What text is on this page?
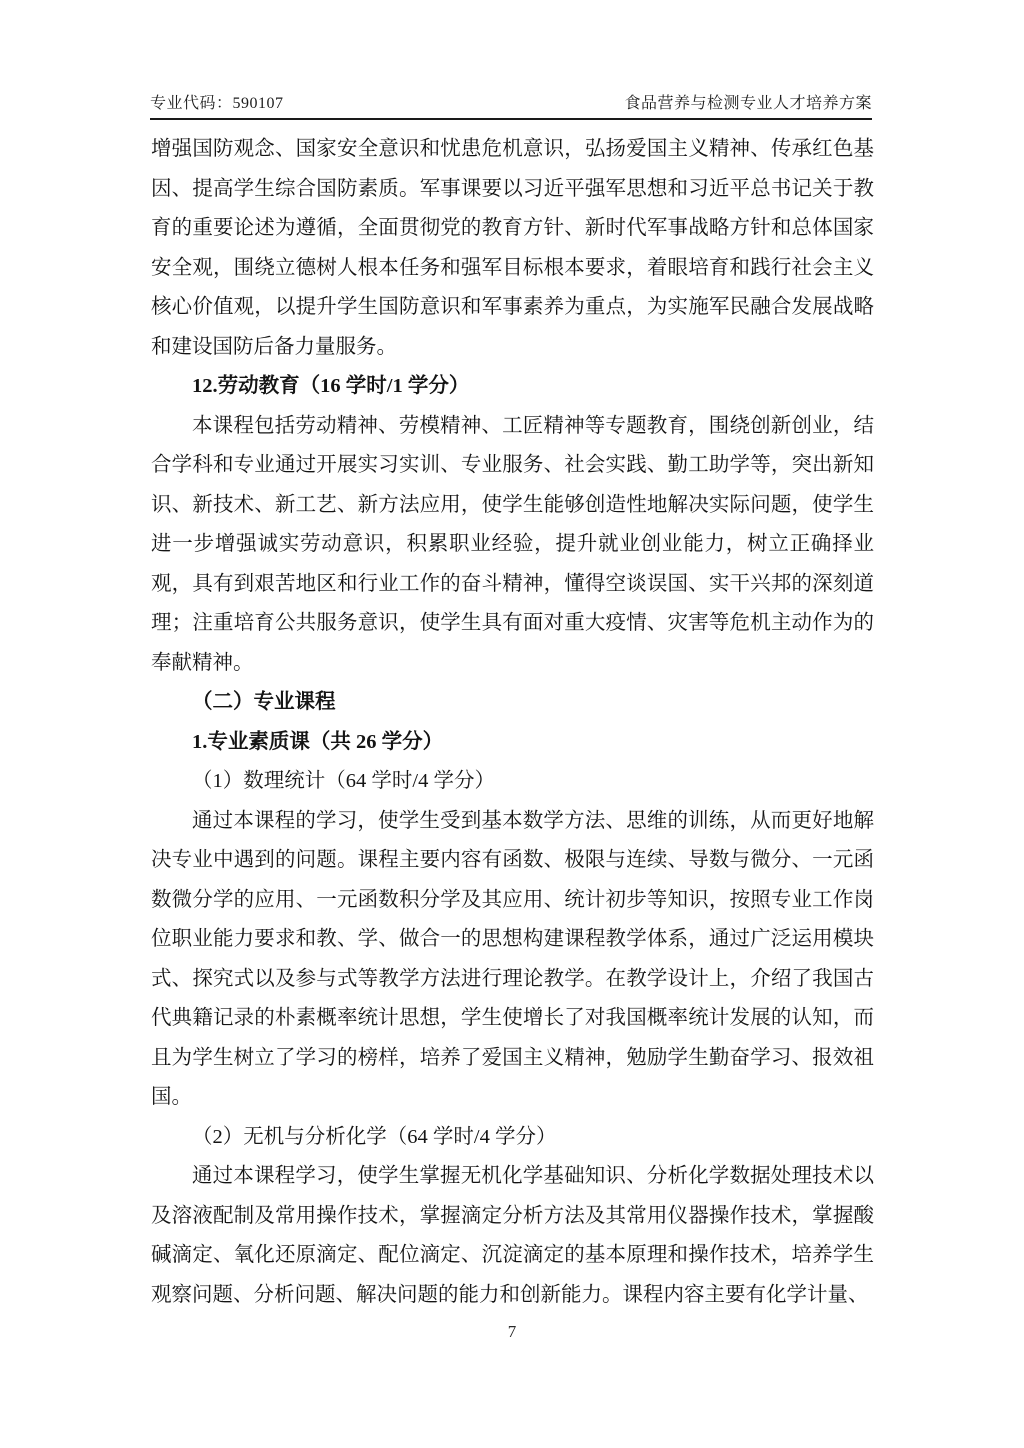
专业代码：590107	食品营养与检测专业人才培养方案

增强国防观念、国家安全意识和忧患危机意识，弘扬爱国主义精神、传承红色基因、提高学生综合国防素质。军事课要以习近平强军思想和习近平总书记关于教育的重要论述为遵循，全面贯彻党的教育方针、新时代军事战略方针和总体国家安全观，围绕立德树人根本任务和强军目标根本要求，着眼培育和践行社会主义核心价值观，以提升学生国防意识和军事素养为重点，为实施军民融合发展战略和建设国防后备力量服务。

12.劳动教育（16 学时/1 学分）

本课程包括劳动精神、劳模精神、工匠精神等专题教育，围绕创新创业，结合学科和专业通过开展实习实训、专业服务、社会实践、勤工助学等，突出新知识、新技术、新工艺、新方法应用，使学生能够创造性地解决实际问题，使学生进一步增强诚实劳动意识，积累职业经验，提升就业创业能力，树立正确择业观，具有到艰苦地区和行业工作的奋斗精神，懂得空谈误国、实干兴邦的深刻道理；注重培育公共服务意识，使学生具有面对重大疫情、灾害等危机主动作为的奉献精神。

（二）专业课程

1.专业素质课（共 26 学分）

（1）数理统计（64 学时/4 学分）

通过本课程的学习，使学生受到基本数学方法、思维的训练，从而更好地解决专业中遇到的问题。课程主要内容有函数、极限与连续、导数与微分、一元函数微分学的应用、一元函数积分学及其应用、统计初步等知识，按照专业工作岗位职业能力要求和教、学、做合一的思想构建课程教学体系，通过广泛运用模块式、探究式以及参与式等教学方法进行理论教学。在教学设计上，介绍了我国古代典籍记录的朴素概率统计思想，学生使增长了对我国概率统计发展的认知，而且为学生树立了学习的榜样，培养了爱国主义精神，勉励学生勤奋学习、报效祖国。

（2）无机与分析化学（64 学时/4 学分）

通过本课程学习，使学生掌握无机化学基础知识、分析化学数据处理技术以及溶液配制及常用操作技术，掌握滴定分析方法及其常用仪器操作技术，掌握酸碱滴定、氧化还原滴定、配位滴定、沉淀滴定的基本原理和操作技术，培养学生观察问题、分析问题、解决问题的能力和创新能力。课程内容主要有化学计量、

7
